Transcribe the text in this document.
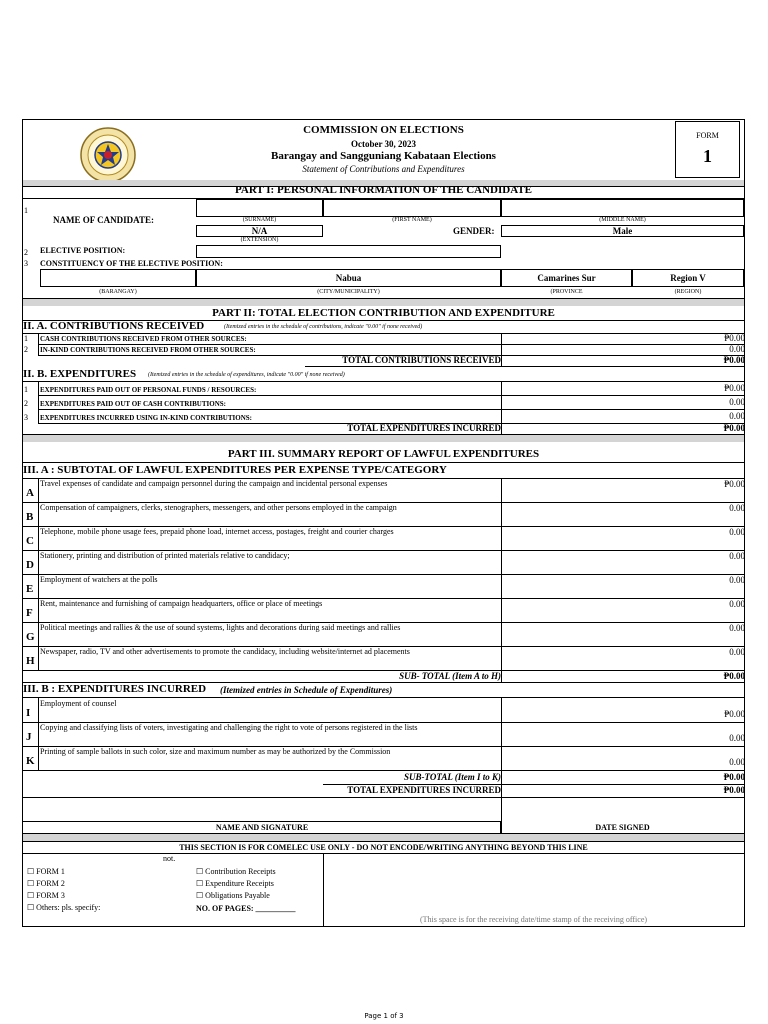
COMMISSION ON ELECTIONS
October 30, 2023
Barangay and Sangguniang Kabataan Elections
Statement of Contributions and Expenditures
FORM
1
PART I: PERSONAL INFORMATION OF THE CANDIDATE
1
NAME OF CANDIDATE:	(SURNAME)	(FIRST NAME)	(MIDDLE NAME)
N/A
(EXTENSION)
GENDER:	Male
2 ELECTIVE POSITION:
3 CONSTITUENCY OF THE ELECTIVE POSITION:
Nabua	Camarines Sur	Region V
(BARANGAY)	(CITY/MUNICIPALITY)	(PROVINCE	(REGION)
PART II: TOTAL ELECTION CONTRIBUTION AND EXPENDITURE
II. A. CONTRIBUTIONS RECEIVED	(Itemized entries in the schedule of contributions, indicate "0.00" if none received)
TOTAL CONTRIBUTIONS RECEIVED	₱0.00
II. B. EXPENDITURES (Itemized entries in the schedule of expenditures, indicate "0.00" if none received)
TOTAL EXPENDITURES INCURRED	₱0.00
PART III. SUMMARY REPORT OF LAWFUL EXPENDITURES
III. A : SUBTOTAL OF LAWFUL EXPENDITURES PER EXPENSE TYPE/CATEGORY
SUB- TOTAL (Item A to H)	₱0.00
III. B : EXPENDITURES INCURRED (Itemized entries in Schedule of Expenditures)
SUB-TOTAL (Item I to K)	₱0.00
TOTAL EXPENDITURES INCURRED	₱0.00
NAME AND SIGNATURE	DATE SIGNED
THIS SECTION IS FOR COMELEC USE ONLY - DO NOT ENCODE/WRITING ANYTHING BEYOND THIS LINE
not.
☐ FORM 1
☐ FORM 2
☐ FORM 3
☐ Others: pls. specify:
☐ Contribution Receipts
☐ Expenditure Receipts
☐ Obligations Payable
NO. OF PAGES: __________
(This space is for the receiving date/time stamp of the receiving office)
1 CASH CONTRIBUTIONS RECEIVED FROM OTHER SOURCES:	₱0.00
2 IN-KIND CONTRIBUTIONS RECEIVED FROM OTHER SOURCES:	0.00
1 EXPENDITURES PAID OUT OF PERSONAL FUNDS / RESOURCES:	₱0.00
2 EXPENDITURES PAID OUT OF CASH CONTRIBUTIONS:	0.00
3 EXPENDITURES INCURRED USING IN-KIND CONTRIBUTIONS:	0.00
A
Travel expenses of candidate and campaign personnel during the campaign and incidental personal expenses	₱0.00
B
Compensation of campaigners, clerks, stenographers, messengers, and other persons employed in the campaign	0.00
C
Telephone, mobile phone usage fees, prepaid phone load, internet access, postages, freight and courier charges	0.00
D
Stationery, printing and distribution of printed materials relative to candidacy;	0.00
E
Employment of watchers at the polls	0.00
F
Rent, maintenance and furnishing of campaign headquarters, office or place of meetings	0.00
G
Political meetings and rallies & the use of sound systems, lights and decorations during said meetings and rallies	0.00
H
Newspaper, radio, TV and other advertisements to promote the candidacy, including website/internet ad placements	0.00
I
Employment of counsel
₱0.00
J
Copying and classifying lists of voters, investigating and challenging the right to vote of persons registered in the lists
0.00
K
Printing of sample ballots in such color, size and maximum number as may be authorized by the Commission
0.00
Page 1 of 3
